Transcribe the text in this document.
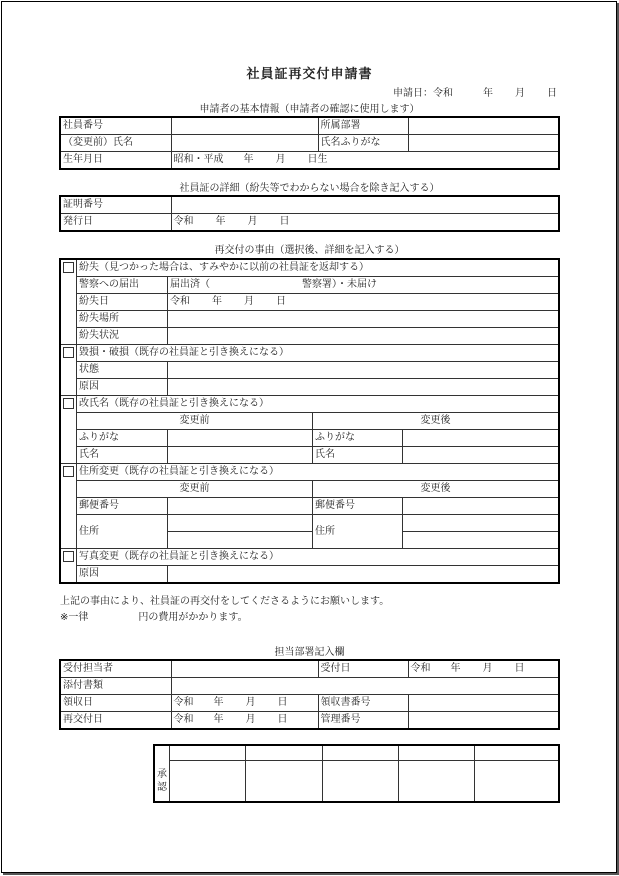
社員証再交付申請書
申請日：令和	年 月 日
申請者の基本情報（申請者の確認に使用します）
社員番号		所属部署	
（変更前）氏名		氏名ふりがな	
生年月日	昭和・平成 年 月 日生		
社員証の詳細（紛失等でわからない場合を除き記入する）
証明番号	
発行日	令和 年 月 日
再交付の事由（選択後、詳細を記入する）
	紛失（見つかった場合は、すみやかに以前の社員証を返却する）			
	警察への届出	届出済（ 警察署）・未届け		
	紛失日	令和 年 月 日		
	紛失場所			
	紛失状況			
	毀損・破損（既存の社員証と引き換えになる）			
	状態			
	原因			
	改氏名（既存の社員証と引き換えになる）			
	変更前		変更後	
	ふりがな		ふりがな	
	氏名		氏名	
	住所変更（既存の社員証と引き換えになる）			
	変更前		変更後	
	郵便番号		郵便番号	
	住所		住所	

	写真変更（既存の社員証と引き換えになる）			
	原因			
上記の事由により、社員証の再交付をしてくださるようにお願いします。
※一律	円の費用がかかります。
担当部署記入欄
受付担当者		受付日	令和 年 月 日
添付書類			
領収日	令和 年 月 日	領収書番号	
再交付日	令和 年 月 日	管理番号	

承
認					
